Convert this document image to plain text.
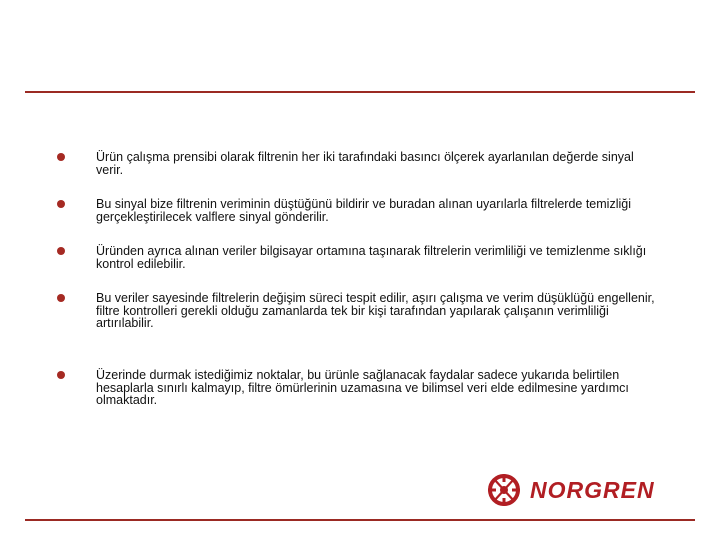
Ürün çalışma prensibi olarak filtrenin her iki tarafındaki basıncı ölçerek ayarlanılan değerde sinyal verir.
Bu sinyal bize filtrenin veriminin düştüğünü bildirir ve buradan alınan uyarılarla filtrelerde temizliği gerçekleştirilecek valflere sinyal gönderilir.
Üründen ayrıca alınan veriler bilgisayar ortamına taşınarak filtrelerin verimliliği ve temizlenme sıklığı kontrol edilebilir.
Bu veriler sayesinde filtrelerin değişim süreci tespit edilir, aşırı çalışma ve verim düşüklüğü engellenir, filtre kontrolleri gerekli olduğu zamanlarda tek bir kişi tarafından yapılarak çalışanın verimliliği artırılabilir.
Üzerinde durmak istediğimiz noktalar, bu ürünle sağlanacak faydalar sadece yukarıda belirtilen hesaplarla sınırlı kalmayıp, filtre ömürlerinin uzamasına ve bilimsel veri elde edilmesine yardımcı olmaktadır.
NORGREN
